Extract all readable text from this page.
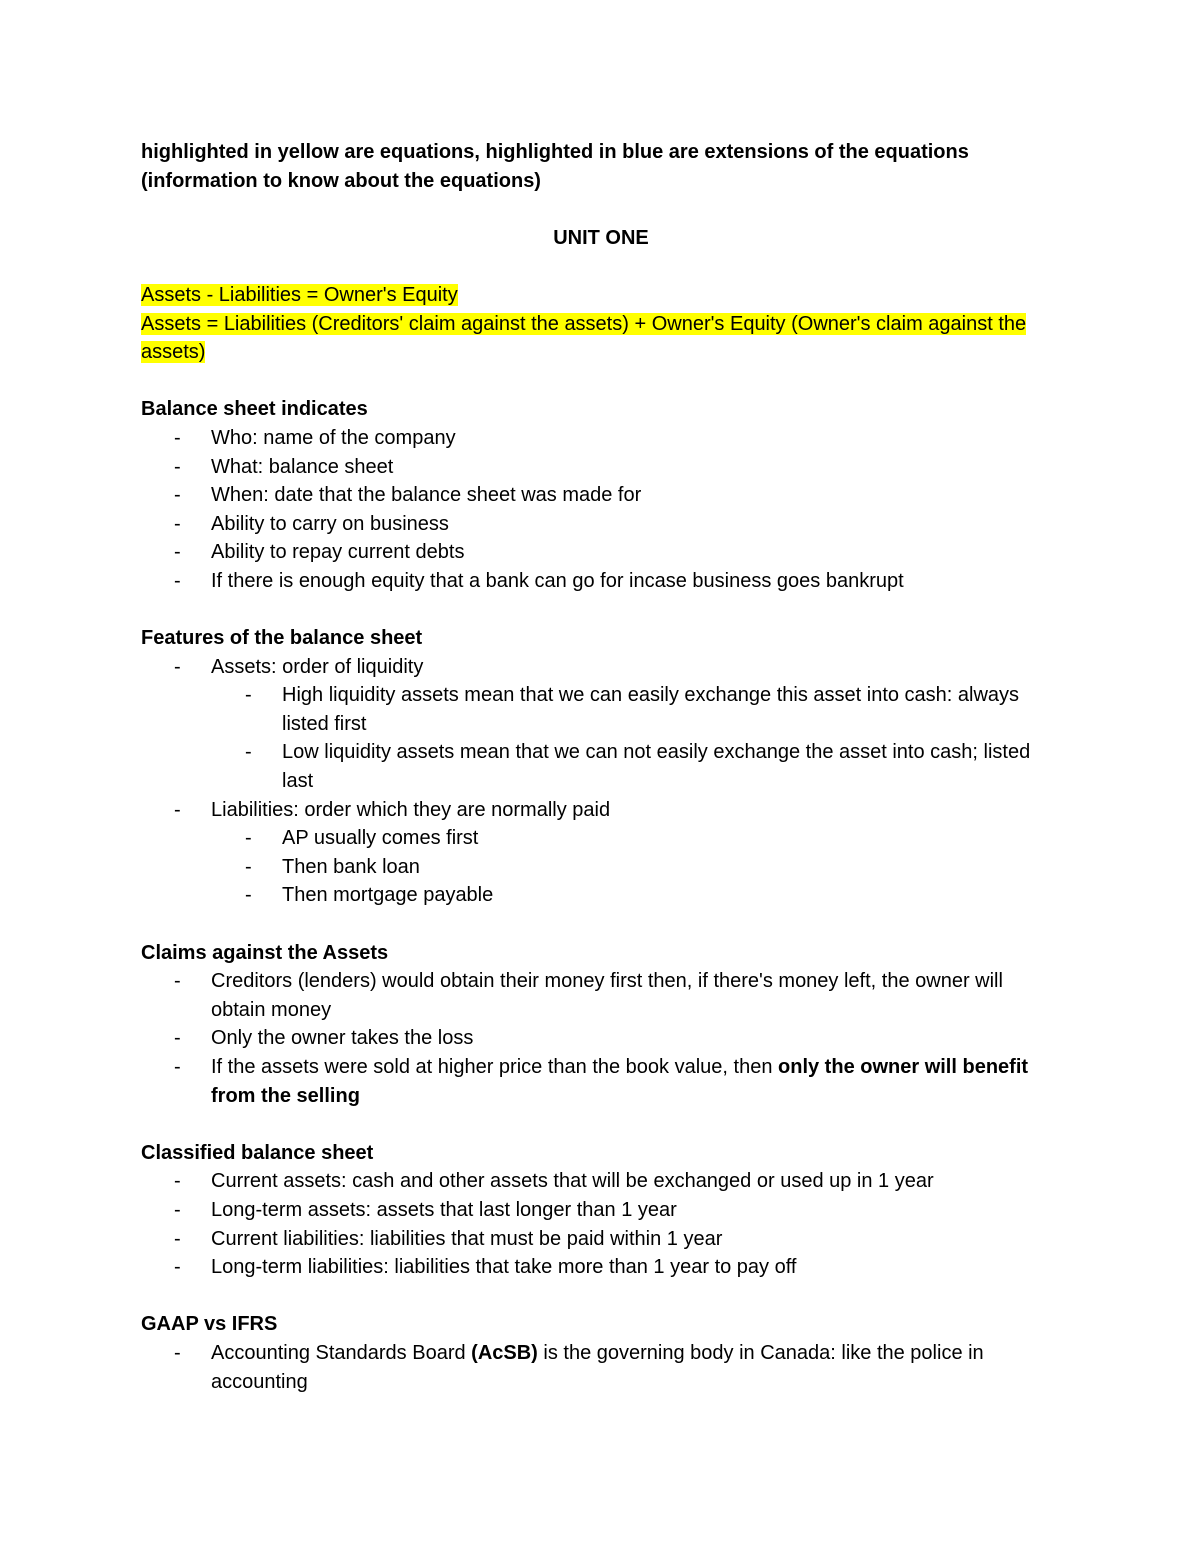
highlighted in yellow are equations, highlighted in blue are extensions of the equations (information to know about the equations)

UNIT ONE
Assets - Liabilities = Owner's Equity
Assets = Liabilities (Creditors' claim against the assets) + Owner's Equity (Owner's claim against the assets)

Balance sheet indicates

- Who: name of the company
- What: balance sheet
- When: date that the balance sheet was made for
- Ability to carry on business
- Ability to repay current debts
- If there is enough equity that a bank can go for incase business goes bankrupt

Features of the balance sheet

- Assets: order of liquidity
- High liquidity assets mean that we can easily exchange this asset into cash: always listed first
- Low liquidity assets mean that we can not easily exchange the asset into cash; listed last
- Liabilities: order which they are normally paid
- AP usually comes first
- Then bank loan
- Then mortgage payable

Claims against the Assets

- Creditors (lenders) would obtain their money first then, if there's money left, the owner will obtain money
- Only the owner takes the loss
- If the assets were sold at higher price than the book value, then only the owner will benefit from the selling

Classified balance sheet

- Current assets: cash and other assets that will be exchanged or used up in 1 year
- Long-term assets: assets that last longer than 1 year
- Current liabilities: liabilities that must be paid within 1 year
- Long-term liabilities: liabilities that take more than 1 year to pay off

GAAP vs IFRS

- Accounting Standards Board (AcSB) is the governing body in Canada: like the police in accounting
